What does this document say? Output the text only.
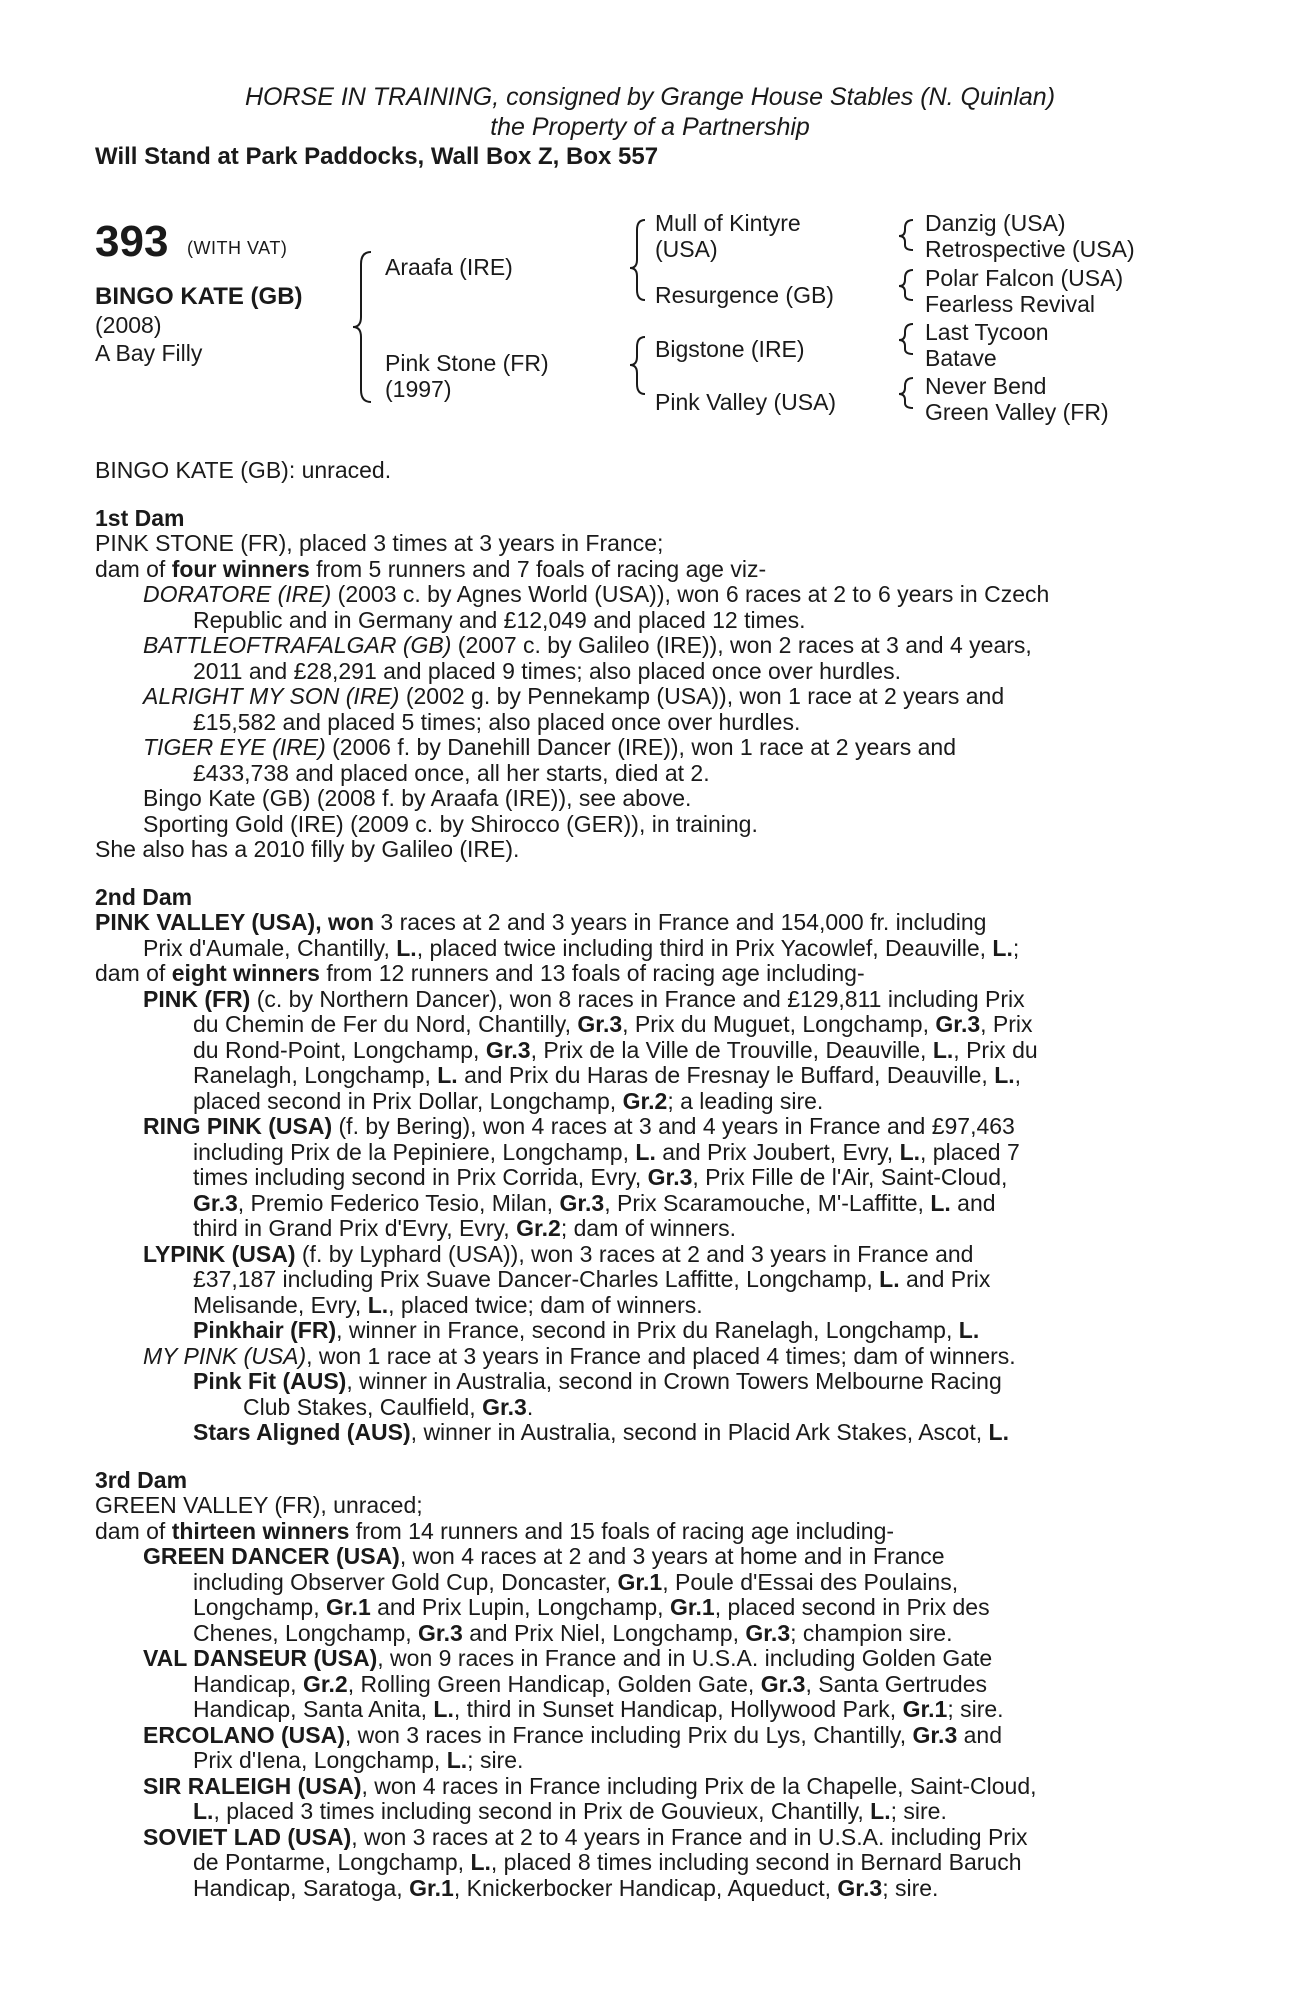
HORSE IN TRAINING, consigned by Grange House Stables (N. Quinlan)
the Property of a Partnership
Will Stand at Park Paddocks, Wall Box Z, Box 557
393 (WITH VAT)
BINGO KATE (GB)
(2008)
A Bay Filly
Araafa (IRE)
Pink Stone (FR)
(1997)
Mull of Kintyre
(USA)
Resurgence (GB)
Bigstone (IRE)
Pink Valley (USA)
Danzig (USA)
Retrospective (USA)
Polar Falcon (USA)
Fearless Revival
Last Tycoon
Batave
Never Bend
Green Valley (FR)
BINGO KATE (GB): unraced.
1st Dam
PINK STONE (FR), placed 3 times at 3 years in France;
dam of four winners from 5 runners and 7 foals of racing age viz-
DORATORE (IRE) (2003 c. by Agnes World (USA)), won 6 races at 2 to 6 years in Czech
Republic and in Germany and £12,049 and placed 12 times.
BATTLEOFTRAFALGAR (GB) (2007 c. by Galileo (IRE)), won 2 races at 3 and 4 years,
2011 and £28,291 and placed 9 times; also placed once over hurdles.
ALRIGHT MY SON (IRE) (2002 g. by Pennekamp (USA)), won 1 race at 2 years and
£15,582 and placed 5 times; also placed once over hurdles.
TIGER EYE (IRE) (2006 f. by Danehill Dancer (IRE)), won 1 race at 2 years and
£433,738 and placed once, all her starts, died at 2.
Bingo Kate (GB) (2008 f. by Araafa (IRE)), see above.
Sporting Gold (IRE) (2009 c. by Shirocco (GER)), in training.
She also has a 2010 filly by Galileo (IRE).
2nd Dam
PINK VALLEY (USA), won 3 races at 2 and 3 years in France and 154,000 fr. including
Prix d'Aumale, Chantilly, L., placed twice including third in Prix Yacowlef, Deauville, L.;
dam of eight winners from 12 runners and 13 foals of racing age including-
PINK (FR) (c. by Northern Dancer), won 8 races in France and £129,811 including Prix
du Chemin de Fer du Nord, Chantilly, Gr.3, Prix du Muguet, Longchamp, Gr.3, Prix
du Rond-Point, Longchamp, Gr.3, Prix de la Ville de Trouville, Deauville, L., Prix du
Ranelagh, Longchamp, L. and Prix du Haras de Fresnay le Buffard, Deauville, L.,
placed second in Prix Dollar, Longchamp, Gr.2; a leading sire.
RING PINK (USA) (f. by Bering), won 4 races at 3 and 4 years in France and £97,463
including Prix de la Pepiniere, Longchamp, L. and Prix Joubert, Evry, L., placed 7
times including second in Prix Corrida, Evry, Gr.3, Prix Fille de l'Air, Saint-Cloud,
Gr.3, Premio Federico Tesio, Milan, Gr.3, Prix Scaramouche, M'-Laffitte, L. and
third in Grand Prix d'Evry, Evry, Gr.2; dam of winners.
LYPINK (USA) (f. by Lyphard (USA)), won 3 races at 2 and 3 years in France and
£37,187 including Prix Suave Dancer-Charles Laffitte, Longchamp, L. and Prix
Melisande, Evry, L., placed twice; dam of winners.
Pinkhair (FR), winner in France, second in Prix du Ranelagh, Longchamp, L.
MY PINK (USA), won 1 race at 3 years in France and placed 4 times; dam of winners.
Pink Fit (AUS), winner in Australia, second in Crown Towers Melbourne Racing
Club Stakes, Caulfield, Gr.3.
Stars Aligned (AUS), winner in Australia, second in Placid Ark Stakes, Ascot, L.
3rd Dam
GREEN VALLEY (FR), unraced;
dam of thirteen winners from 14 runners and 15 foals of racing age including-
GREEN DANCER (USA), won 4 races at 2 and 3 years at home and in France
including Observer Gold Cup, Doncaster, Gr.1, Poule d'Essai des Poulains,
Longchamp, Gr.1 and Prix Lupin, Longchamp, Gr.1, placed second in Prix des
Chenes, Longchamp, Gr.3 and Prix Niel, Longchamp, Gr.3; champion sire.
VAL DANSEUR (USA), won 9 races in France and in U.S.A. including Golden Gate
Handicap, Gr.2, Rolling Green Handicap, Golden Gate, Gr.3, Santa Gertrudes
Handicap, Santa Anita, L., third in Sunset Handicap, Hollywood Park, Gr.1; sire.
ERCOLANO (USA), won 3 races in France including Prix du Lys, Chantilly, Gr.3 and
Prix d'Iena, Longchamp, L.; sire.
SIR RALEIGH (USA), won 4 races in France including Prix de la Chapelle, Saint-Cloud,
L., placed 3 times including second in Prix de Gouvieux, Chantilly, L.; sire.
SOVIET LAD (USA), won 3 races at 2 to 4 years in France and in U.S.A. including Prix
de Pontarme, Longchamp, L., placed 8 times including second in Bernard Baruch
Handicap, Saratoga, Gr.1, Knickerbocker Handicap, Aqueduct, Gr.3; sire.
